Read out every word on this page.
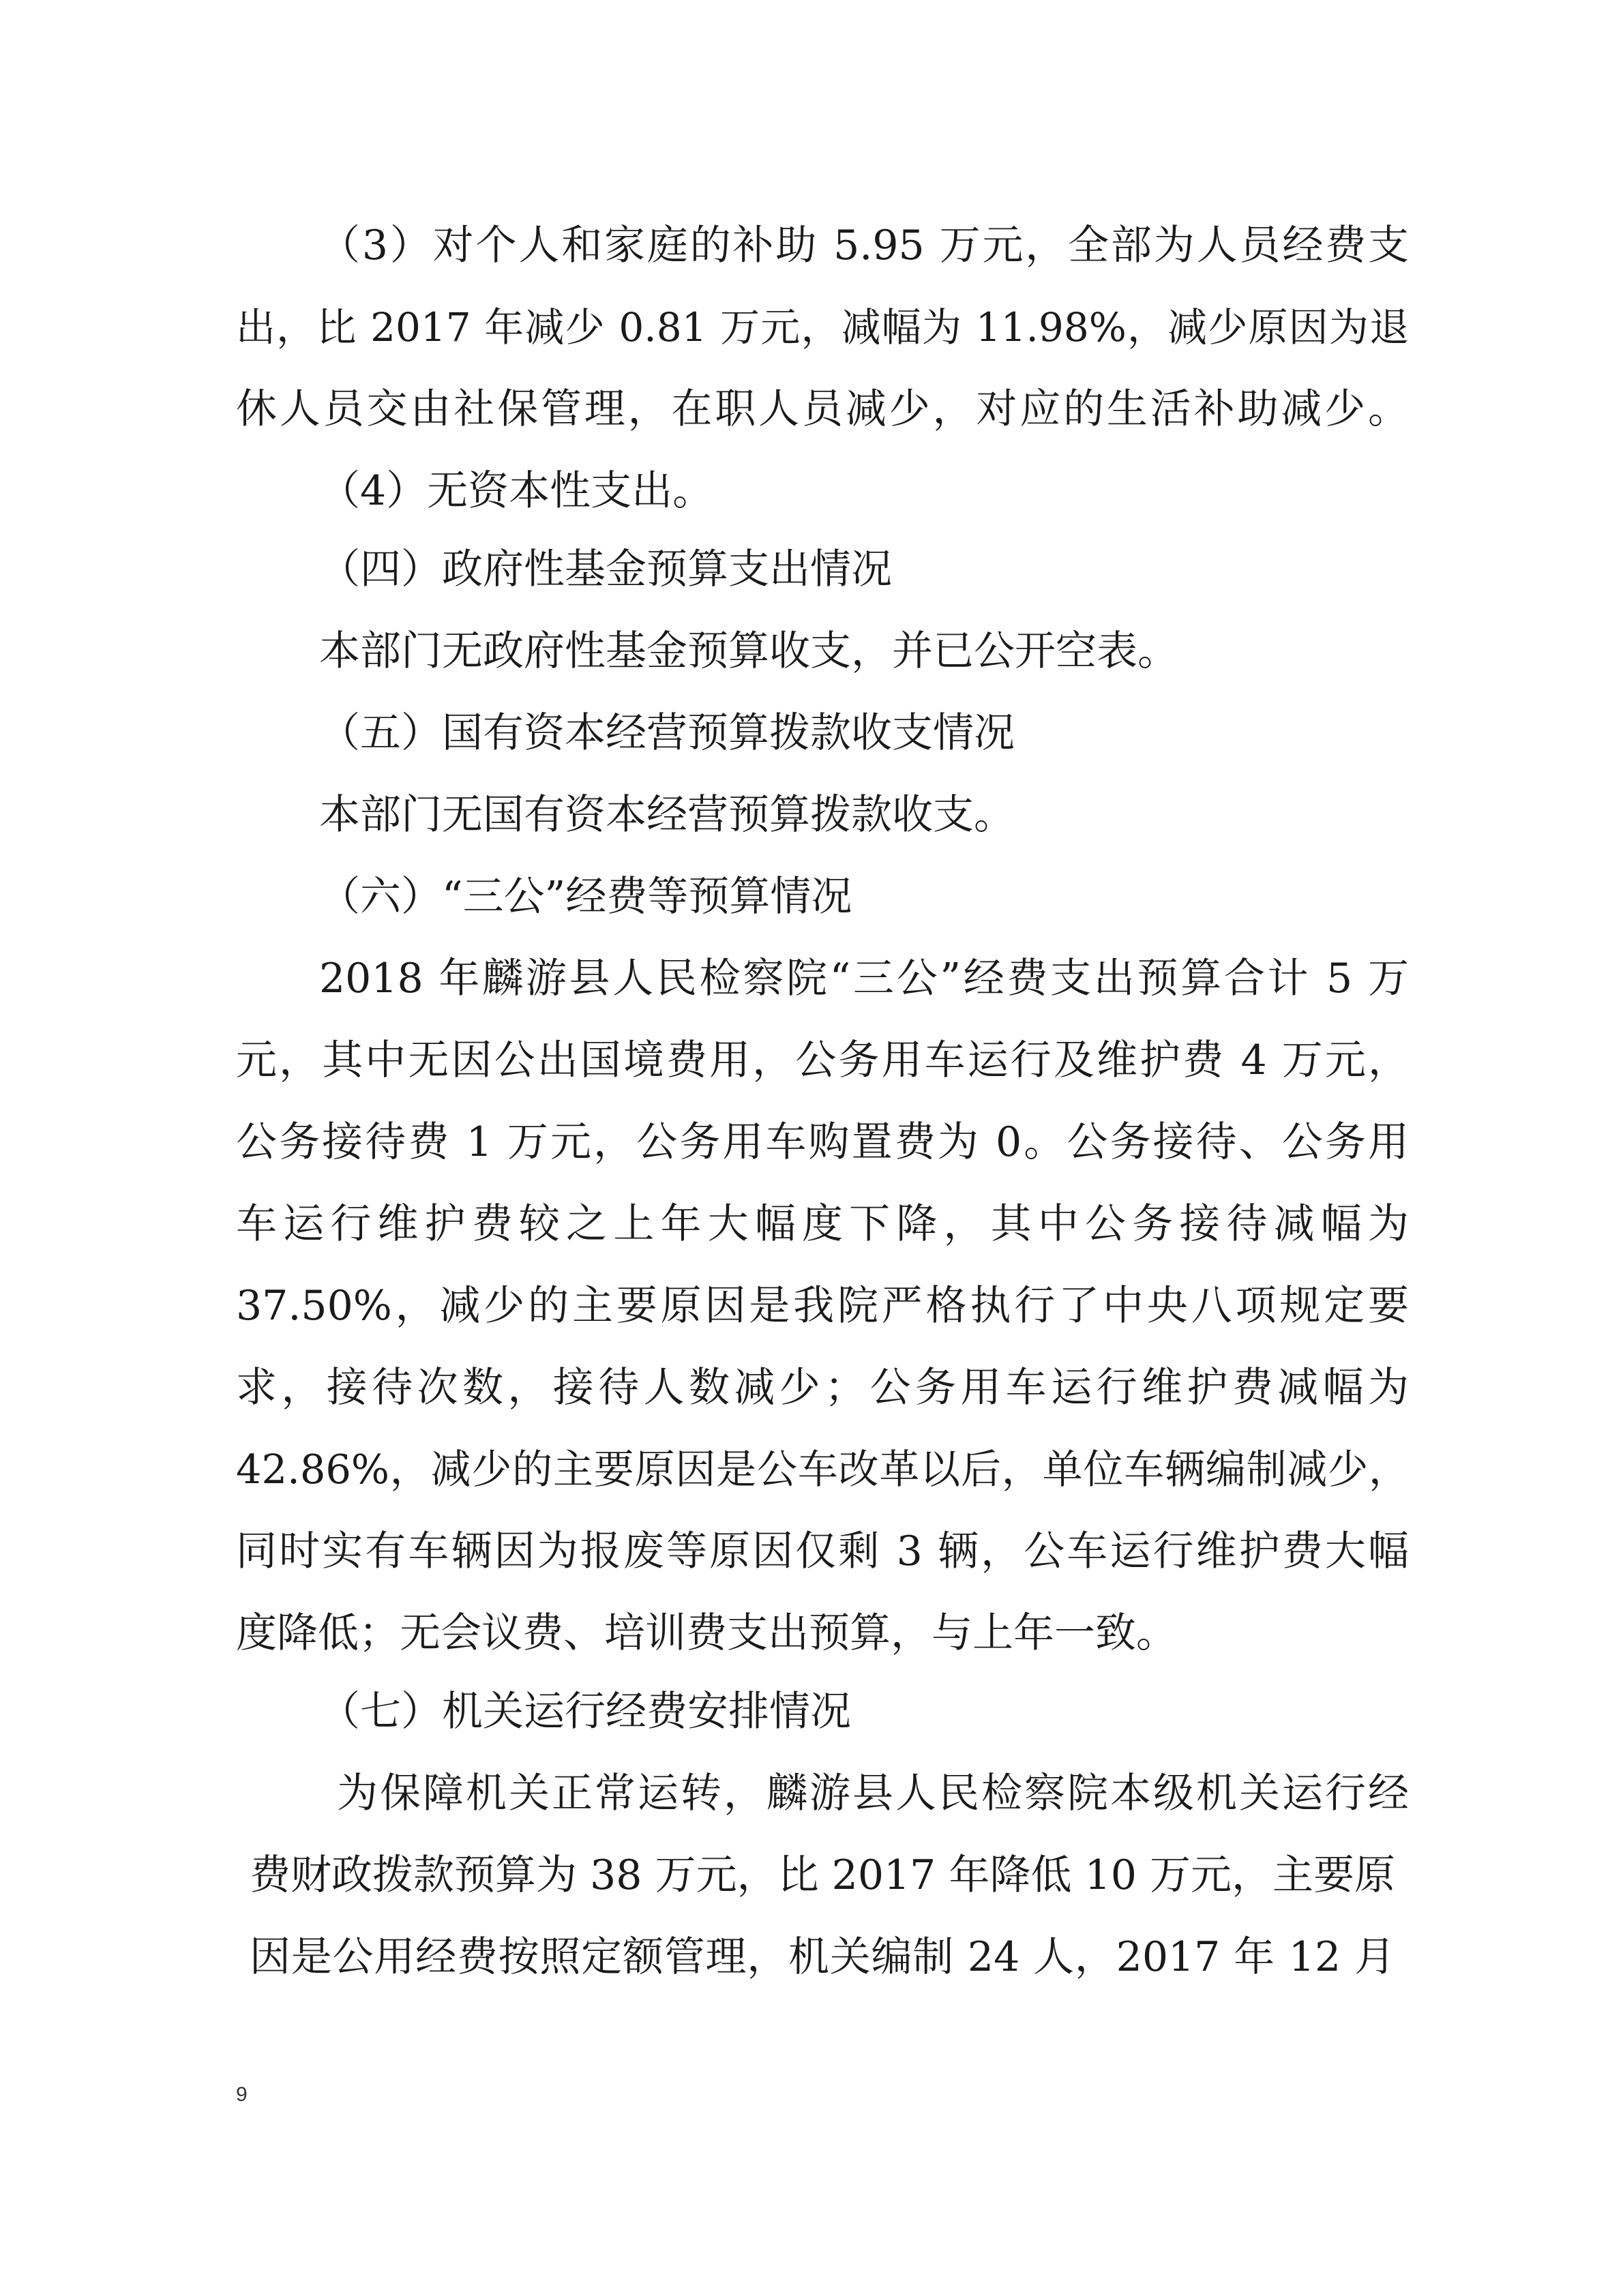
（3）对个人和家庭的补助 5.95 万元，全部为人员经费支
出，比 2017 年减少 0.81 万元，减幅为 11.98%，减少原因为退
休人员交由社保管理，在职人员减少，对应的生活补助减少。
（4）无资本性支出。
（四）政府性基金预算支出情况
本部门无政府性基金预算收支，并已公开空表。
（五）国有资本经营预算拨款收支情况
本部门无国有资本经营预算拨款收支。
（六）“三公”经费等预算情况
2018 年麟游县人民检察院“三公”经费支出预算合计 5 万
元，其中无因公出国境费用，公务用车运行及维护费 4 万元，
公务接待费 1 万元，公务用车购置费为 0。公务接待、公务用
车运行维护费较之上年大幅度下降，其中公务接待减幅为
37.50%，减少的主要原因是我院严格执行了中央八项规定要
求，接待次数，接待人数减少；公务用车运行维护费减幅为
42.86%，减少的主要原因是公车改革以后，单位车辆编制减少，
同时实有车辆因为报废等原因仅剩 3 辆，公车运行维护费大幅
度降低；无会议费、培训费支出预算，与上年一致。
（七）机关运行经费安排情况
为保障机关正常运转，麟游县人民检察院本级机关运行经
费财政拨款预算为 38 万元，比 2017 年降低 10 万元，主要原
因是公用经费按照定额管理，机关编制 24 人，2017 年 12 月
9
